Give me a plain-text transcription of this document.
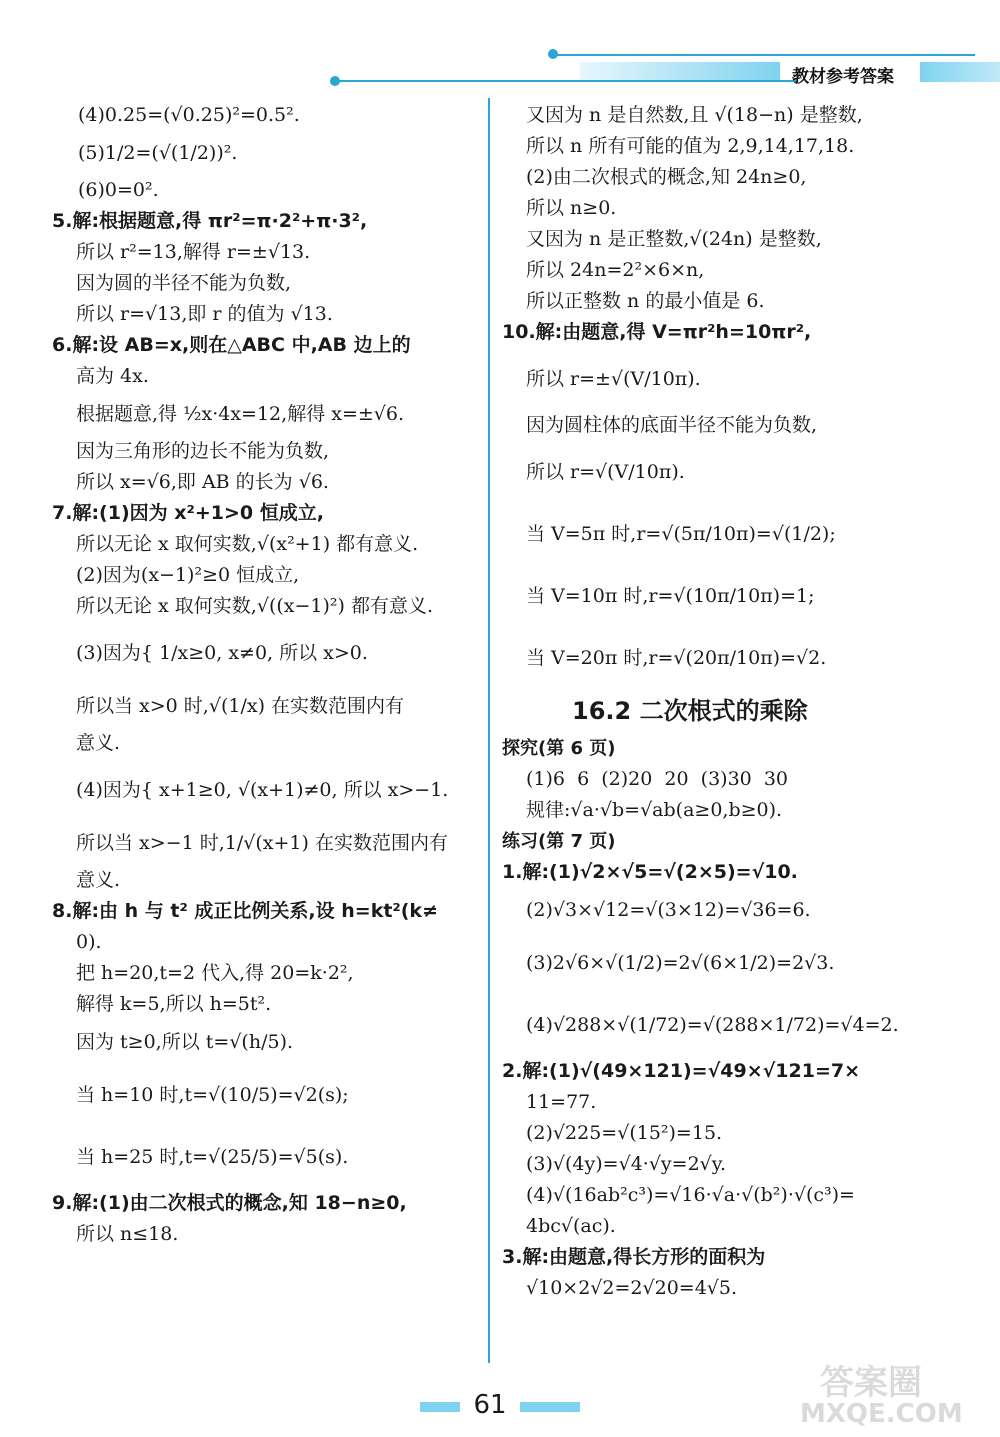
教材参考答案
(4)0.25=(√0.25)²=0.5².
(5)1/2=(√(1/2))².
(6)0=0².
5.解:根据题意,得 πr²=π·2²+π·3²,
所以 r²=13,解得 r=±√13.
因为圆的半径不能为负数,
所以 r=√13,即 r 的值为 √13.
6.解:设 AB=x,则在△ABC 中,AB 边上的
高为 4x.
根据题意,得 ½x·4x=12,解得 x=±√6.
因为三角形的边长不能为负数,
所以 x=√6,即 AB 的长为 √6.
7.解:(1)因为 x²+1>0 恒成立,
所以无论 x 取何实数,√(x²+1) 都有意义.
(2)因为(x−1)²≥0 恒成立,
所以无论 x 取何实数,√((x−1)²) 都有意义.
(3)因为{ 1/x≥0, x≠0, 所以 x>0.
所以当 x>0 时,√(1/x) 在实数范围内有
意义.
(4)因为{ x+1≥0, √(x+1)≠0, 所以 x>−1.
所以当 x>−1 时,1/√(x+1) 在实数范围内有
意义.
8.解:由 h 与 t² 成正比例关系,设 h=kt²(k≠
0).
把 h=20,t=2 代入,得 20=k·2²,
解得 k=5,所以 h=5t².
因为 t≥0,所以 t=√(h/5).
当 h=10 时,t=√(10/5)=√2(s);
当 h=25 时,t=√(25/5)=√5(s).
9.解:(1)由二次根式的概念,知 18−n≥0,
所以 n≤18.
又因为 n 是自然数,且 √(18−n) 是整数,
所以 n 所有可能的值为 2,9,14,17,18.
(2)由二次根式的概念,知 24n≥0,
所以 n≥0.
又因为 n 是正整数,√(24n) 是整数,
所以 24n=2²×6×n,
所以正整数 n 的最小值是 6.
10.解:由题意,得 V=πr²h=10πr²,
所以 r=±√(V/10π).
因为圆柱体的底面半径不能为负数,
所以 r=√(V/10π).
当 V=5π 时,r=√(5π/10π)=√(1/2);
当 V=10π 时,r=√(10π/10π)=1;
当 V=20π 时,r=√(20π/10π)=√2.
16.2 二次根式的乘除
探究(第 6 页)
(1)6  6  (2)20  20  (3)30  30
规律:√a·√b=√ab(a≥0,b≥0).
练习(第 7 页)
1.解:(1)√2×√5=√(2×5)=√10.
(2)√3×√12=√(3×12)=√36=6.
(3)2√6×√(1/2)=2√(6×1/2)=2√3.
(4)√288×√(1/72)=√(288×1/72)=√4=2.
2.解:(1)√(49×121)=√49×√121=7×
11=77.
(2)√225=√(15²)=15.
(3)√(4y)=√4·√y=2√y.
(4)√(16ab²c³)=√16·√a·√(b²)·√(c³)=
4bc√(ac).
3.解:由题意,得长方形的面积为
√10×2√2=2√20=4√5.
61
答案圈
MXQE.COM
